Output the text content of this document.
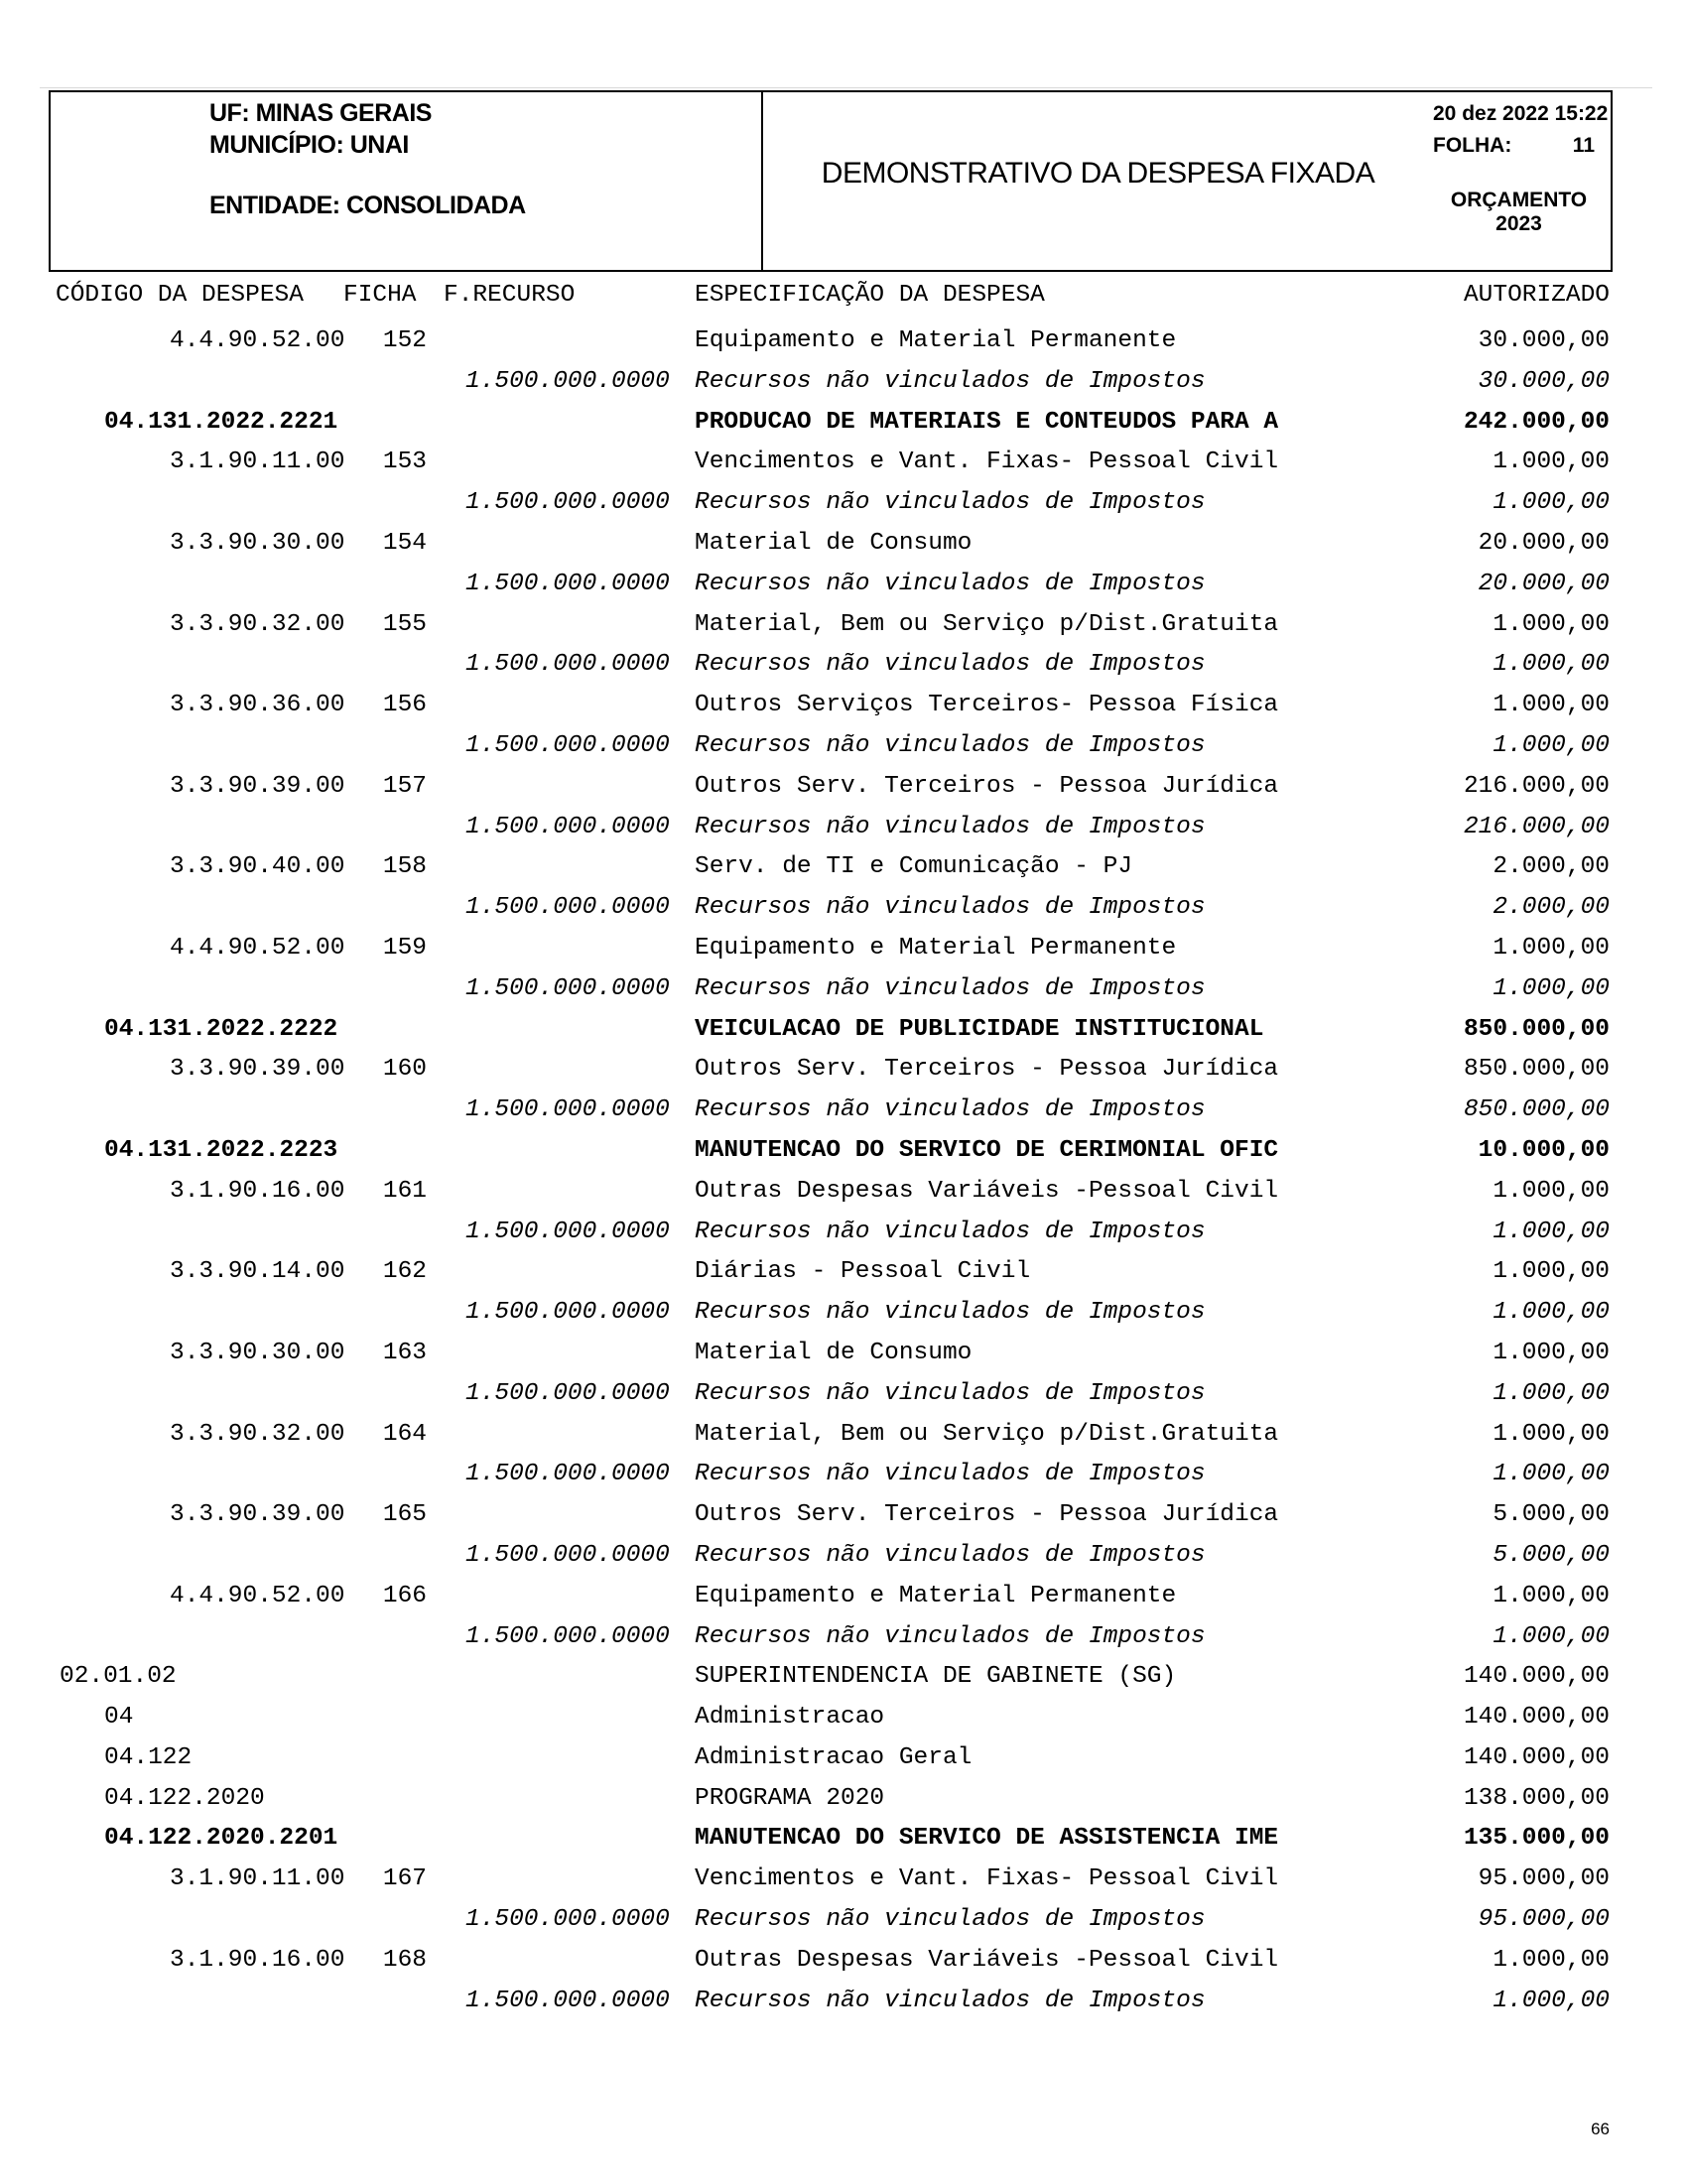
UF: MINAS GERAIS
MUNICÍPIO: UNAI
ENTIDADE: CONSOLIDADA
DEMONSTRATIVO DA DESPESA FIXADA
20 dez 2022 15:22
FOLHA:	11
ORÇAMENTO
2023
CÓDIGO DA DESPESA FICHA F.RECURSO	ESPECIFICAÇÃO DA DESPESA	AUTORIZADO
4.4.90.52.00	152	Equipamento e Material Permanente	30.000,00
1.500.000.0000 Recursos não vinculados de Impostos	30.000,00
04.131.2022.2221	PRODUCAO DE MATERIAIS E CONTEUDOS PARA A	242.000,00
3.1.90.11.00	153	Vencimentos e Vant. Fixas- Pessoal Civil	1.000,00
1.500.000.0000 Recursos não vinculados de Impostos	1.000,00
3.3.90.30.00	154	Material de Consumo	20.000,00
1.500.000.0000 Recursos não vinculados de Impostos	20.000,00
3.3.90.32.00	155	Material, Bem ou Serviço p/Dist.Gratuita	1.000,00
1.500.000.0000 Recursos não vinculados de Impostos	1.000,00
3.3.90.36.00	156	Outros Serviços Terceiros- Pessoa Física	1.000,00
1.500.000.0000 Recursos não vinculados de Impostos	1.000,00
3.3.90.39.00	157	Outros Serv. Terceiros - Pessoa Jurídica	216.000,00
1.500.000.0000 Recursos não vinculados de Impostos	216.000,00
3.3.90.40.00	158	Serv. de TI e Comunicação - PJ	2.000,00
1.500.000.0000 Recursos não vinculados de Impostos	2.000,00
4.4.90.52.00	159	Equipamento e Material Permanente	1.000,00
1.500.000.0000 Recursos não vinculados de Impostos	1.000,00
04.131.2022.2222	VEICULACAO DE PUBLICIDADE INSTITUCIONAL	850.000,00
3.3.90.39.00	160	Outros Serv. Terceiros - Pessoa Jurídica	850.000,00
1.500.000.0000 Recursos não vinculados de Impostos	850.000,00
04.131.2022.2223	MANUTENCAO DO SERVICO DE CERIMONIAL OFIC	10.000,00
3.1.90.16.00	161	Outras Despesas Variáveis -Pessoal Civil	1.000,00
1.500.000.0000 Recursos não vinculados de Impostos	1.000,00
3.3.90.14.00	162	Diárias - Pessoal Civil	1.000,00
1.500.000.0000 Recursos não vinculados de Impostos	1.000,00
3.3.90.30.00	163	Material de Consumo	1.000,00
1.500.000.0000 Recursos não vinculados de Impostos	1.000,00
3.3.90.32.00	164	Material, Bem ou Serviço p/Dist.Gratuita	1.000,00
1.500.000.0000 Recursos não vinculados de Impostos	1.000,00
3.3.90.39.00	165	Outros Serv. Terceiros - Pessoa Jurídica	5.000,00
1.500.000.0000 Recursos não vinculados de Impostos	5.000,00
4.4.90.52.00	166	Equipamento e Material Permanente	1.000,00
1.500.000.0000 Recursos não vinculados de Impostos	1.000,00
02.01.02	SUPERINTENDENCIA DE GABINETE (SG)	140.000,00
04	Administracao	140.000,00
04.122	Administracao Geral	140.000,00
04.122.2020	PROGRAMA 2020	138.000,00
04.122.2020.2201	MANUTENCAO DO SERVICO DE ASSISTENCIA IME	135.000,00
3.1.90.11.00	167	Vencimentos e Vant. Fixas- Pessoal Civil	95.000,00
1.500.000.0000 Recursos não vinculados de Impostos	95.000,00
3.1.90.16.00	168	Outras Despesas Variáveis -Pessoal Civil	1.000,00
1.500.000.0000 Recursos não vinculados de Impostos	1.000,00
66
